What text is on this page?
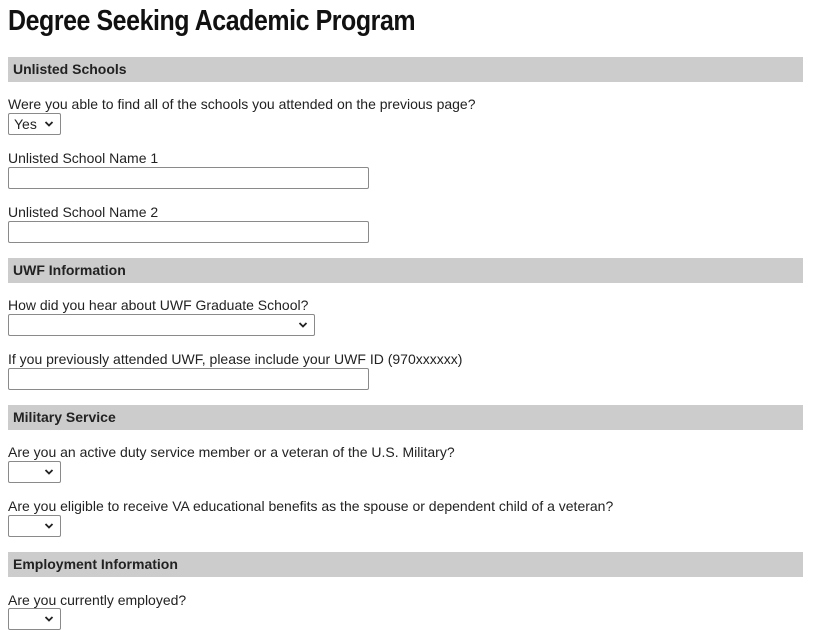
Degree Seeking Academic Program
Unlisted Schools
Were you able to find all of the schools you attended on the previous page?
Yes
Unlisted School Name 1
Unlisted School Name 2
UWF Information
How did you hear about UWF Graduate School?
If you previously attended UWF, please include your UWF ID (970xxxxxx)
Military Service
Are you an active duty service member or a veteran of the U.S. Military?
Are you eligible to receive VA educational benefits as the spouse or dependent child of a veteran?
Employment Information
Are you currently employed?
